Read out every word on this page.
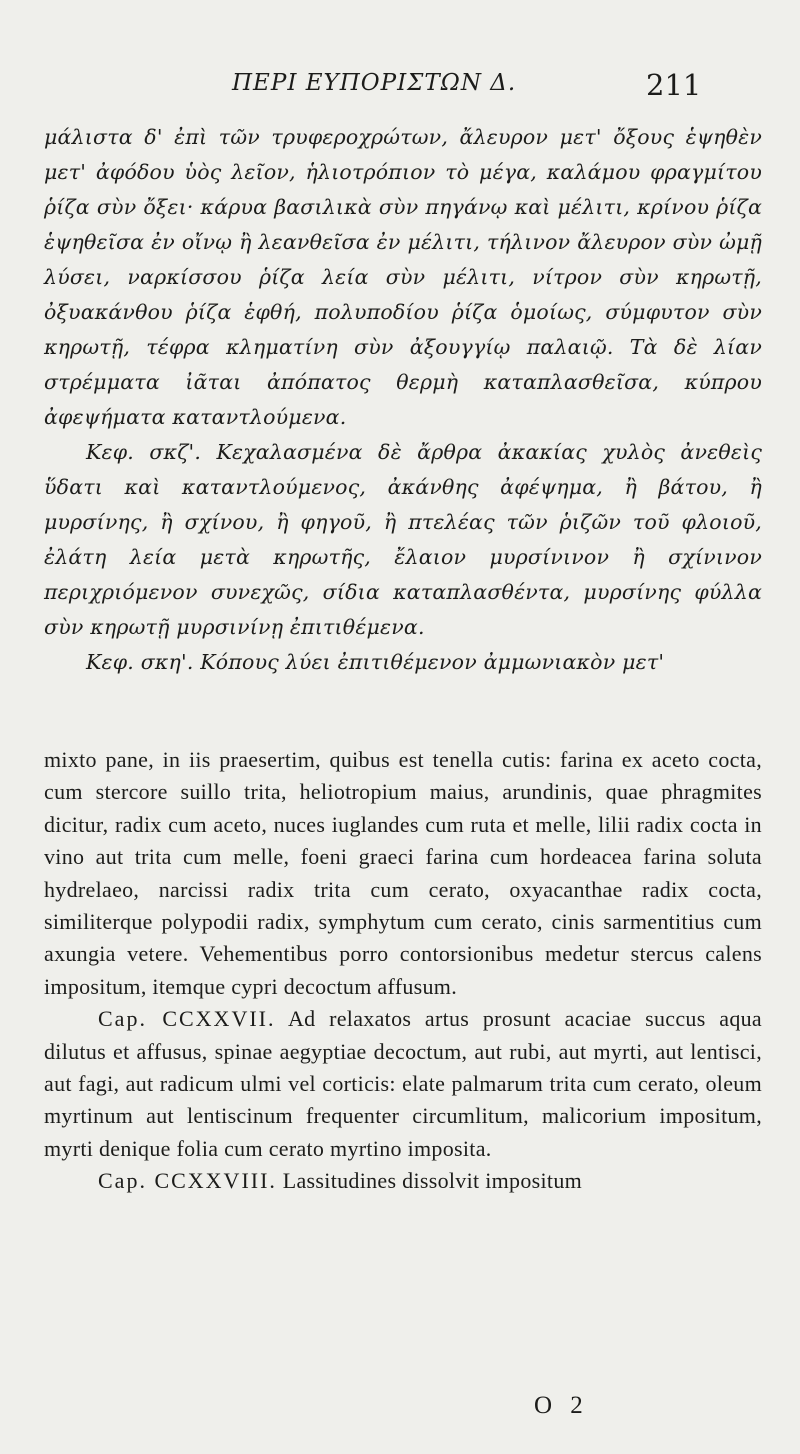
ΠΕΡΙ ΕΥΠΟΡΙΣΤΩΝ Δ.	211

μάλιστα δ' ἐπὶ τῶν τρυφεροχρώτων, ἄλευρον μετ' ὄξους ἑψηθὲν μετ' ἀφόδου ὑὸς λεῖον, ἡλιοτρόπιον τὸ μέγα, καλάμου φραγμίτου ῥίζα σὺν ὄξει· κάρυα βασιλικὰ σὺν πηγάνῳ καὶ μέλιτι, κρίνου ῥίζα ἑψηθεῖσα ἐν οἴνῳ ἢ λεανθεῖσα ἐν μέλιτι, τήλινον ἄλευρον σὺν ὠμῇ λύσει, ναρκίσσου ῥίζα λεία σὺν μέλιτι, νίτρον σὺν κηρωτῇ, ὀξυακάνθου ῥίζα ἑφθή, πολυποδίου ῥίζα ὁμοίως, σύμφυτον σὺν κηρωτῇ, τέφρα κληματίνη σὺν ἀξουγγίῳ παλαιῷ. Τὰ δὲ λίαν στρέμματα ἰᾶται ἀπόπατος θερμὴ καταπλασθεῖσα, κύπρου ἀφεψήματα καταντλούμενα.

Κεφ. σκζ'. Κεχαλασμένα δὲ ἄρθρα ἀκακίας χυλὸς ἀνεθεὶς ὕδατι καὶ καταντλούμενος, ἀκάνθης ἀφέψημα, ἢ βάτου, ἢ μυρσίνης, ἢ σχίνου, ἢ φηγοῦ, ἢ πτελέας τῶν ῥιζῶν τοῦ φλοιοῦ, ἐλάτη λεία μετὰ κηρωτῆς, ἔλαιον μυρσίνινον ἢ σχίνινον περιχριόμενον συνεχῶς, σίδια καταπλασθέντα, μυρσίνης φύλλα σὺν κηρωτῇ μυρσινίνῃ ἐπιτιθέμενα.

Κεφ. σκη'. Κόπους λύει ἐπιτιθέμενον ἀμμωνιακὸν μετ'

mixto pane, in iis praesertim, quibus est tenella cutis: farina ex aceto cocta, cum stercore suillo trita, heliotropium maius, arundinis, quae phragmites dicitur, radix cum aceto, nuces iuglandes cum ruta et melle, lilii radix cocta in vino aut trita cum melle, foeni graeci farina cum hordeacea farina soluta hydrelaeo, narcissi radix trita cum cerato, oxyacanthae radix cocta, similiterque polypodii radix, symphytum cum cerato, cinis sarmentitius cum axungia vetere. Vehementibus porro contorsionibus medetur stercus calens impositum, itemque cypri decoctum affusum.

Cap. CCXXVII. Ad relaxatos artus prosunt acaciae succus aqua dilutus et affusus, spinae aegyptiae decoctum, aut rubi, aut myrti, aut lentisci, aut fagi, aut radicum ulmi vel corticis: elate palmarum trita cum cerato, oleum myrtinum aut lentiscinum frequenter circumlitum, malicorium impositum, myrti denique folia cum cerato myrtino imposita.

Cap. CCXXVIII. Lassitudines dissolvit impositum

O 2
